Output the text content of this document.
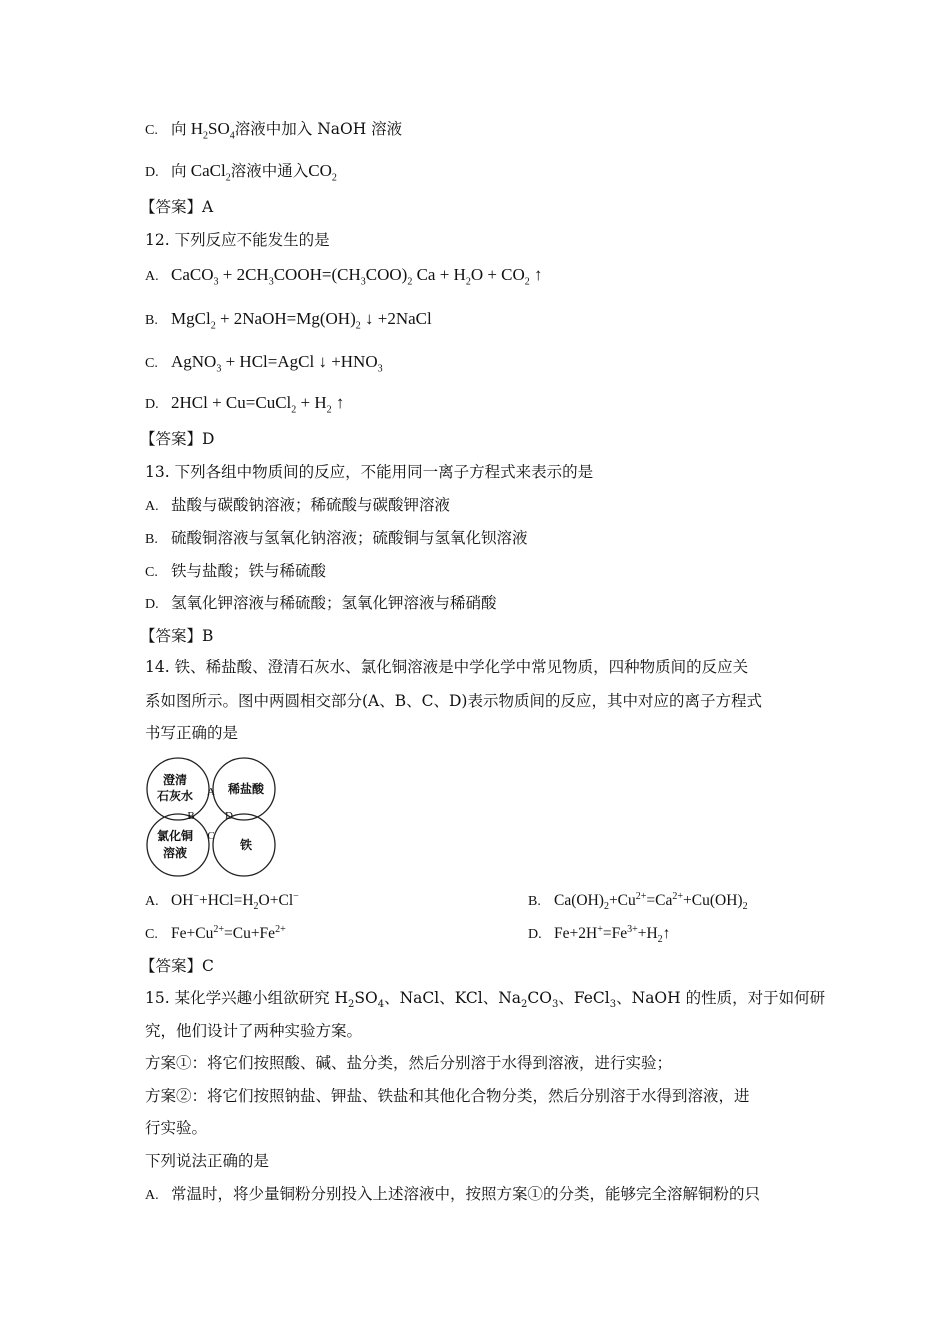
C. 向 $H_2SO_4$溶液中加入 NaOH 溶液
D. 向 CaCl$_2$溶液中通入$CO_2$
【答案】A
12. 下列反应不能发生的是
A. CaCO$_3$ + $2CH_3COOH=(CH_3COO)_2$ $Ca + H_2O + CO_2$ ↑
B. MgCl$_2$ + $2NaOH=Mg(OH)_2$ ↓ +2NaCl
C. AgNO$_3$ + HCl=AgCl ↓ $+HNO_3$
D. 2HCl + Cu=CuCl$_2$ + $H_2$ ↑
【答案】D
13. 下列各组中物质间的反应，不能用同一离子方程式来表示的是
A. 盐酸与碳酸钠溶液；稀硫酸与碳酸钾溶液
B. 硫酸铜溶液与氢氧化钠溶液；硫酸铜与氢氧化钡溶液
C. 铁与盐酸；铁与稀硫酸
D. 氢氧化钾溶液与稀硫酸；氢氧化钾溶液与稀硝酸
【答案】B
14. 铁、稀盐酸、澄清石灰水、氯化铜溶液是中学化学中常见物质，四种物质间的反应关
系如图所示。图中两圆相交部分(A、B、C、D)表示物质间的反应，其中对应的离子方程式
书写正确的是
澄清
石灰水	稀盐酸
氯化铜
溶液
铁
A
B
C
D
A. $OH^-+HCl=H_2O+Cl^-$	B. $Ca(OH)_2+Cu^{2+}=Ca^{2+}+Cu(OH)_2$
C. $Fe+Cu^{2+}=Cu+Fe^{2+}$	D. $Fe+2H^+=Fe^{3+}+H_2↑$
【答案】C
15. 某化学兴趣小组欲研究 $H_2SO_4$、NaCl、KCl、$Na_2CO_3$、FeCl$_3$、NaOH 的性质，对于如何研
究，他们设计了两种实验方案。
方案①：将它们按照酸、碱、盐分类，然后分别溶于水得到溶液，进行实验；
方案②：将它们按照钠盐、钾盐、铁盐和其他化合物分类，然后分别溶于水得到溶液，进
行实验。
下列说法正确的是
A. 常温时，将少量铜粉分别投入上述溶液中，按照方案①的分类，能够完全溶解铜粉的只
